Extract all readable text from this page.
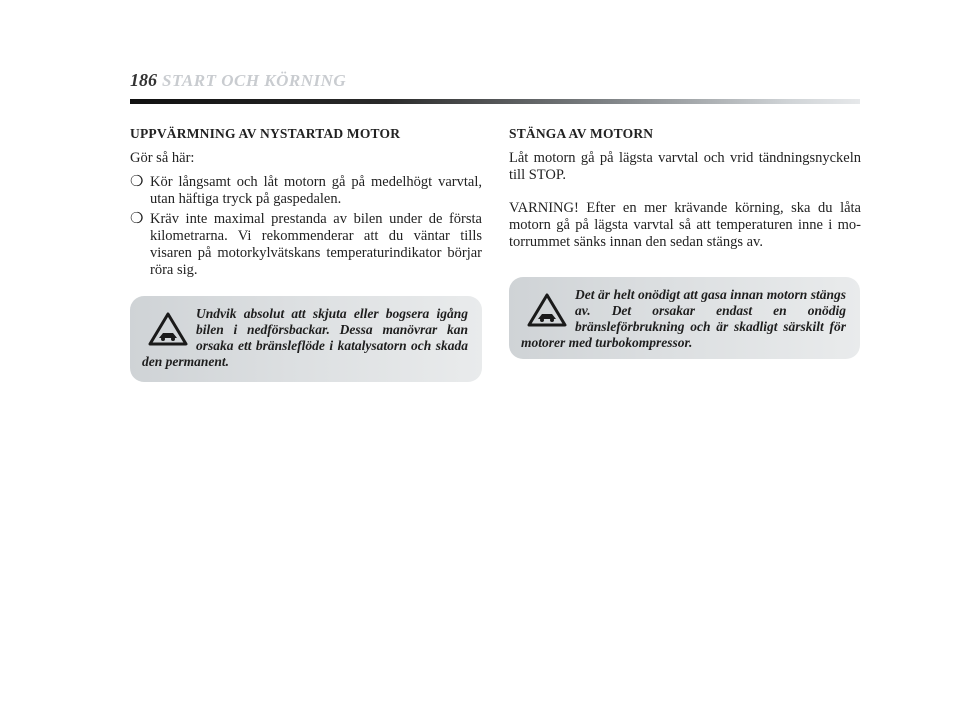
186 START OCH KÖRNING
UPPVÄRMNING AV NYSTARTAD MOTOR
Gör så här:
❍ Kör långsamt och låt motorn gå på medelhögt varvtal, utan häftiga tryck på gaspedalen.
❍ Kräv inte maximal prestanda av bilen under de första kilometrarna. Vi rekommenderar att du väntar tills visaren på motorkylvätskans temperaturindikator börjar röra sig.
Undvik absolut att skjuta eller bogsera igång bilen i nedförsbackar. Dessa manövrar kan orsaka ett bränsleflöde i katalysatorn och skada den permanent.
STÄNGA AV MOTORN
Låt motorn gå på lägsta varvtal och vrid tändningsnyckeln till STOP.
VARNING! Efter en mer krävande körning, ska du låta motorn gå på lägsta varvtal så att temperaturen inne i motorrummet sänks innan den sedan stängs av.
Det är helt onödigt att gasa innan motorn stängs av. Det orsakar endast en onödig bränsleförbrukning och är skadligt särskilt för motorer med turbokompressor.
